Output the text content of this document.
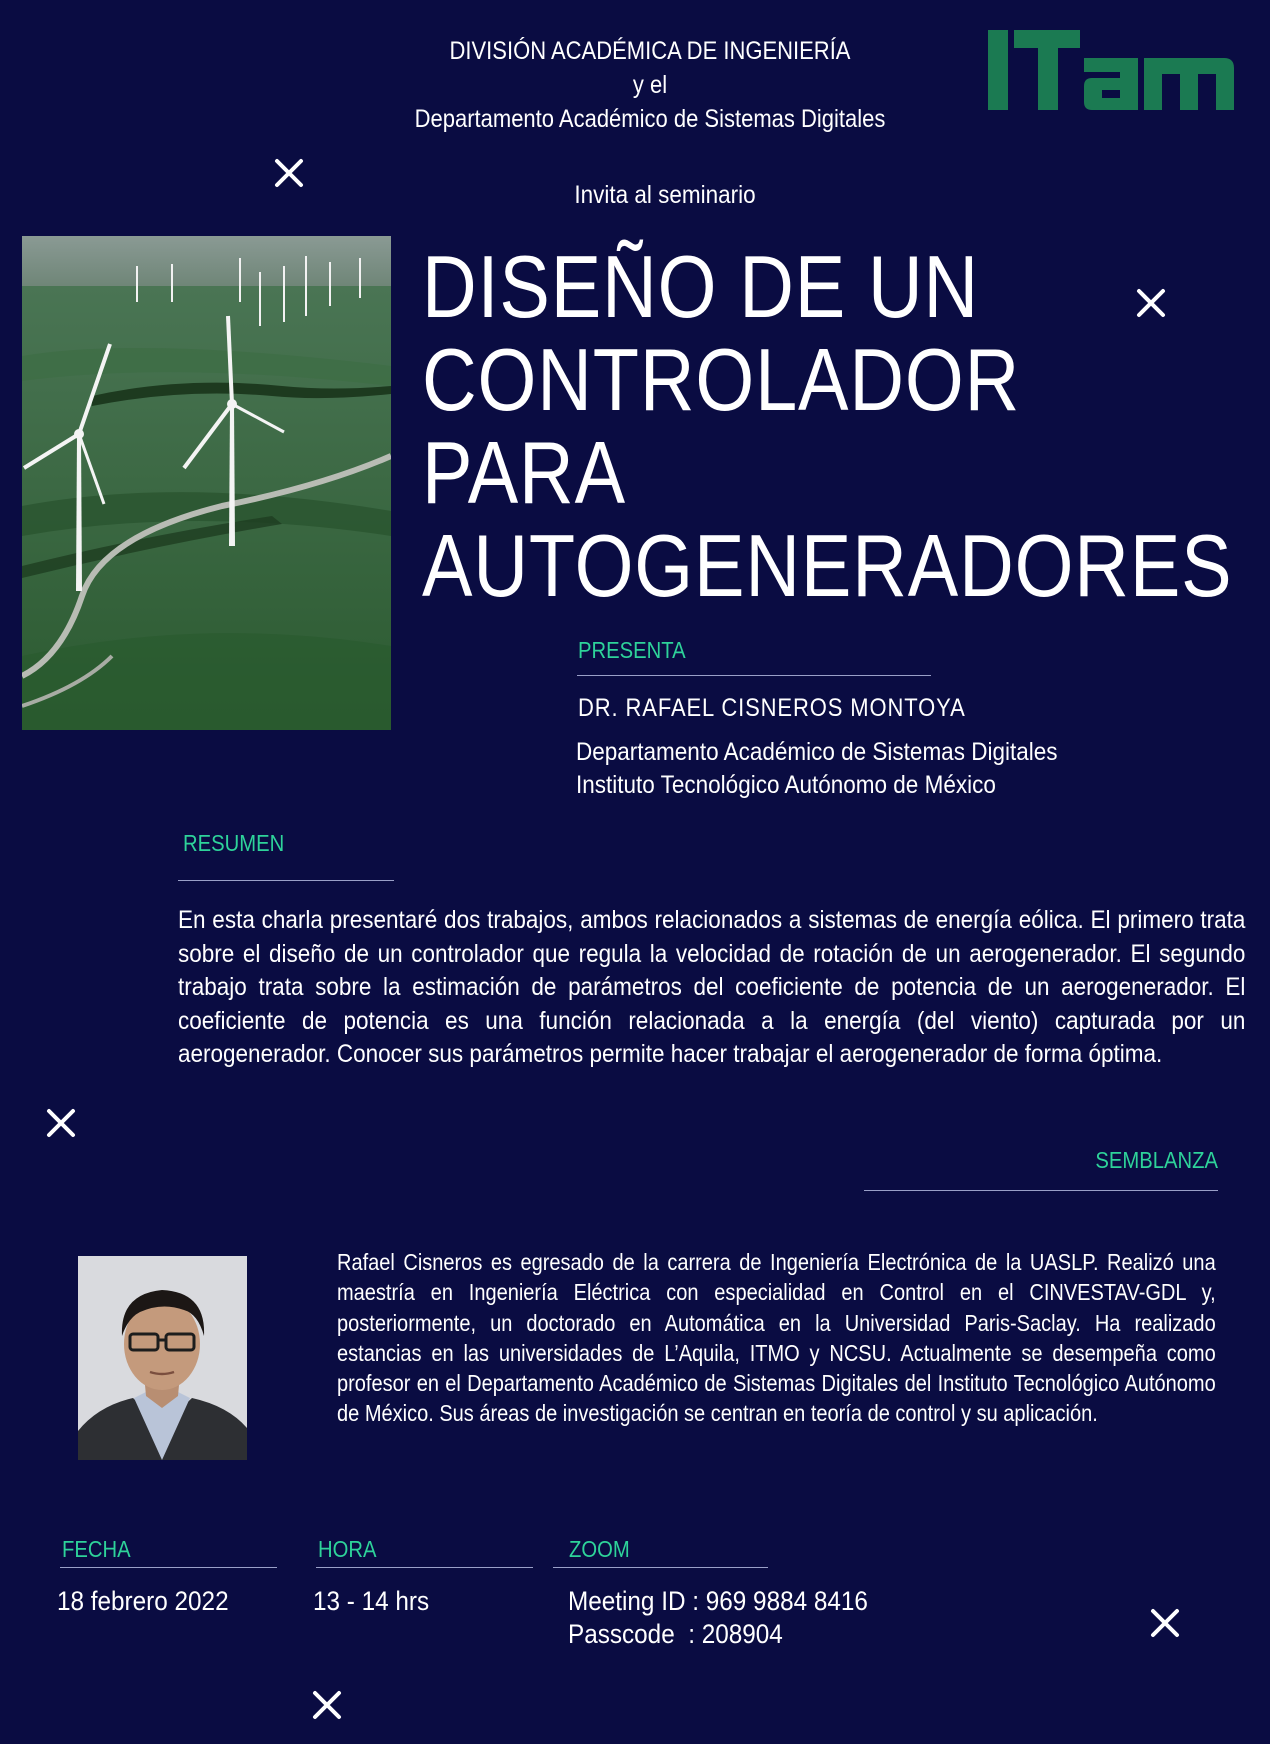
DIVISIÓN ACADÉMICA DE INGENIERÍA
y el
Departamento Académico de Sistemas Digitales
Invita al seminario
DISEÑO DE UN
CONTROLADOR
PARA
AUTOGENERADORES
PRESENTA
DR. RAFAEL CISNEROS MONTOYA
Departamento Académico de Sistemas Digitales
Instituto Tecnológico Autónomo de México
RESUMEN
En esta charla presentaré dos trabajos, ambos relacionados a sistemas de energía eólica. El primero trata sobre el diseño de un controlador que regula la velocidad de rotación de un aerogenerador. El segundo trabajo trata sobre la estimación de parámetros del coeficiente de potencia de un aerogenerador. El coeficiente de potencia es una función relacionada a la energía (del viento) capturada por un aerogenerador. Conocer sus parámetros permite hacer trabajar el aerogenerador de forma óptima.
SEMBLANZA
Rafael Cisneros es egresado de la carrera de Ingeniería Electrónica de la UASLP. Realizó una maestría en Ingeniería Eléctrica con especialidad en Control en el CINVESTAV-GDL y, posteriormente, un doctorado en Automática en la Universidad Paris-Saclay. Ha realizado estancias en las universidades de L’Aquila, ITMO y NCSU. Actualmente se desempeña como profesor en el Departamento Académico de Sistemas Digitales del Instituto Tecnológico Autónomo de México. Sus áreas de investigación se centran en teoría de control y su aplicación.
FECHA
18 febrero 2022
HORA
13 - 14 hrs
ZOOM
Meeting ID : 969 9884 8416
Passcode  : 208904
